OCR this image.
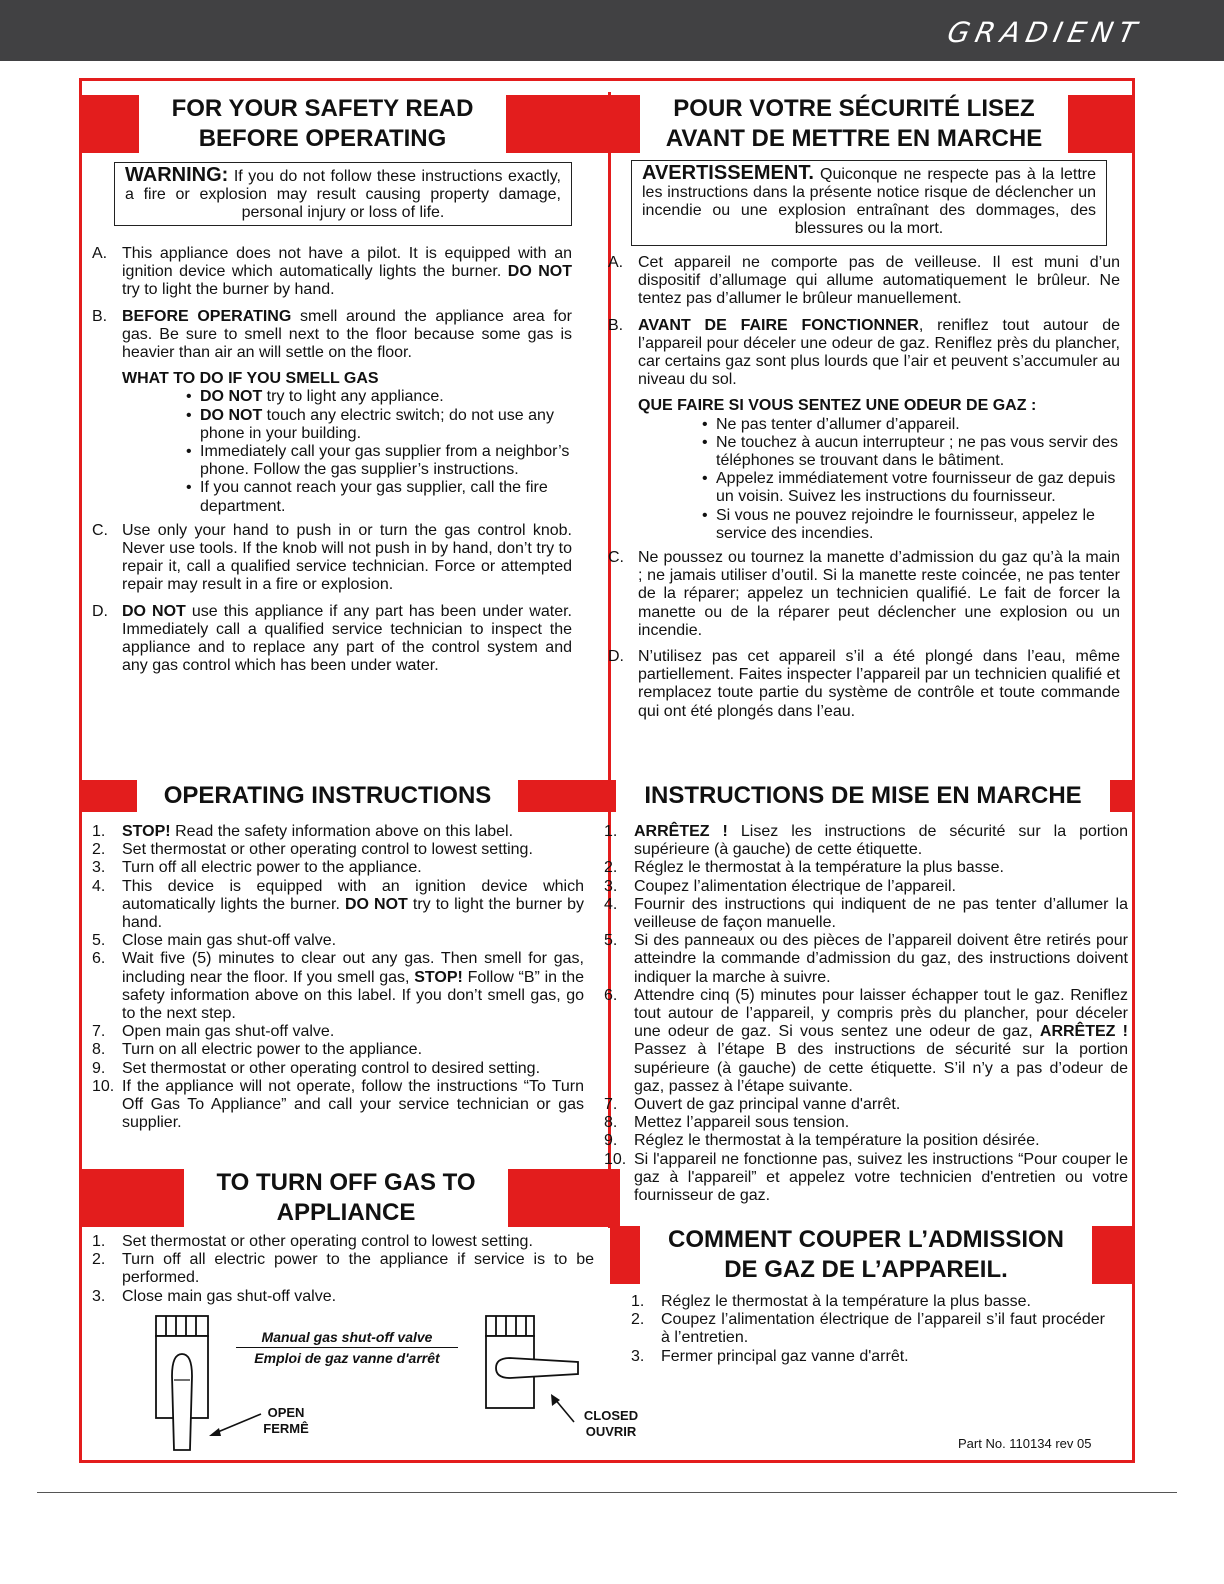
GRADIENT
FOR YOUR SAFETY READ
BEFORE OPERATING
POUR VOTRE SÉCURITÉ LISEZ
AVANT DE METTRE EN MARCHE
WARNING: If you do not follow these instructions exactly, a fire or explosion may result causing property damage, personal injury or loss of life.
AVERTISSEMENT. Quiconque ne respecte pas à la lettre les instructions dans la présente notice risque de déclencher un incendie ou une explosion entraînant des dommages, des blessures ou la mort.
A. This appliance does not have a pilot. It is equipped with an ignition device which automatically lights the burner. DO NOT try to light the burner by hand.
B. BEFORE OPERATING smell around the appliance area for gas. Be sure to smell next to the floor because some gas is heavier than air an will settle on the floor.
WHAT TO DO IF YOU SMELL GAS
• DO NOT try to light any appliance.
• DO NOT touch any electric switch; do not use any phone in your building.
• Immediately call your gas supplier from a neighbor’s phone. Follow the gas supplier’s instructions.
• If you cannot reach your gas supplier, call the fire department.
C. Use only your hand to push in or turn the gas control knob. Never use tools. If the knob will not push in by hand, don’t try to repair it, call a qualified service technician. Force or attempted repair may result in a fire or explosion.
D. DO NOT use this appliance if any part has been under water. Immediately call a qualified service technician to inspect the appliance and to replace any part of the control system and any gas control which has been under water.
A. Cet appareil ne comporte pas de veilleuse. Il est muni d’un dispositif d’allumage qui allume automatiquement le brûleur. Ne tentez pas d’allumer le brûleur manuellement.
B. AVANT DE FAIRE FONCTIONNER, reniflez tout autour de l’appareil pour déceler une odeur de gaz. Reniflez près du plancher, car certains gaz sont plus lourds que l’air et peuvent s’accumuler au niveau du sol.
QUE FAIRE SI VOUS SENTEZ UNE ODEUR DE GAZ :
• Ne pas tenter d’allumer d’appareil.
• Ne touchez à aucun interrupteur ; ne pas vous servir des téléphones se trouvant dans le bâtiment.
• Appelez immédiatement votre fournisseur de gaz depuis un voisin. Suivez les instructions du fournisseur.
• Si vous ne pouvez rejoindre le fournisseur, appelez le service des incendies.
C. Ne poussez ou tournez la manette d’admission du gaz qu’à la main ; ne jamais utiliser d’outil. Si la manette reste coincée, ne pas tenter de la réparer; appelez un technicien qualifié. Le fait de forcer la manette ou de la réparer peut déclencher une explosion ou un incendie.
D. N’utilisez pas cet appareil s’il a été plongé dans l’eau, même partiellement. Faites inspecter l’appareil par un technicien qualifié et remplacez toute partie du système de contrôle et toute commande qui ont été plongés dans l’eau.
OPERATING INSTRUCTIONS	INSTRUCTIONS DE MISE EN MARCHE
1.	STOP! Read the safety information above on this label.
2.	Set thermostat or other operating control to lowest setting.
3.	Turn off all electric power to the appliance.
4.	This device is equipped with an ignition device which automatically lights the burner. DO NOT try to light the burner by hand.
5.	Close main gas shut-off valve.
6.	Wait five (5) minutes to clear out any gas. Then smell for gas, including near the floor. If you smell gas, STOP! Follow “B” in the safety information above on this label. If you don’t smell gas, go to the next step.
7.	Open main gas shut-off valve.
8.	Turn on all electric power to the appliance.
9.	Set thermostat or other operating control to desired setting.
10. If the appliance will not operate, follow the instructions “To Turn Off Gas To Appliance” and call your service technician or gas supplier.
1.	ARRÊTEZ ! Lisez les instructions de sécurité sur la portion supérieure (à gauche) de cette étiquette.
2.	Réglez le thermostat à la température la plus basse.
3.	Coupez l’alimentation électrique de l’appareil.
4.	Fournir des instructions qui indiquent de ne pas tenter d’allumer la veilleuse de façon manuelle.
5.	Si des panneaux ou des pièces de l’appareil doivent être retirés pour atteindre la commande d’admission du gaz, des instructions doivent indiquer la marche à suivre.
6.	Attendre cinq (5) minutes pour laisser échapper tout le gaz. Reniflez tout autour de l’appareil, y compris près du plancher, pour déceler une odeur de gaz. Si vous sentez une odeur de gaz, ARRÊTEZ ! Passez à l’étape B des instructions de sécurité sur la portion supérieure (à gauche) de cette étiquette. S’il n’y a pas d’odeur de gaz, passez à l’étape suivante.
7.	Ouvert de gaz principal vanne d'arrêt.
8.	Mettez l’appareil sous tension.
9.	Réglez le thermostat à la température la position désirée.
10. Si l'appareil ne fonctionne pas, suivez les instructions “Pour couper le gaz à l'appareil” et appelez votre technicien d'entretien ou votre fournisseur de gaz.
TO TURN OFF GAS TO
APPLIANCE
COMMENT COUPER L’ADMISSION
DE GAZ DE L’APPAREIL.
1.	Set thermostat or other operating control to lowest setting.
2.	Turn off all electric power to the appliance if service is to be performed.
3.	Close main gas shut-off valve.	1.	Réglez le thermostat à la température la plus basse.
2.	Coupez l’alimentation électrique de l’appareil s’il faut procéder à l’entretien.
3.	Fermer principal gaz vanne d'arrêt.
Manual gas shut-off valve
Emploi de gaz vanne d'arrêt
OPEN
FERMÊ
CLOSED
OUVRIR
Part No. 110134 rev 05
